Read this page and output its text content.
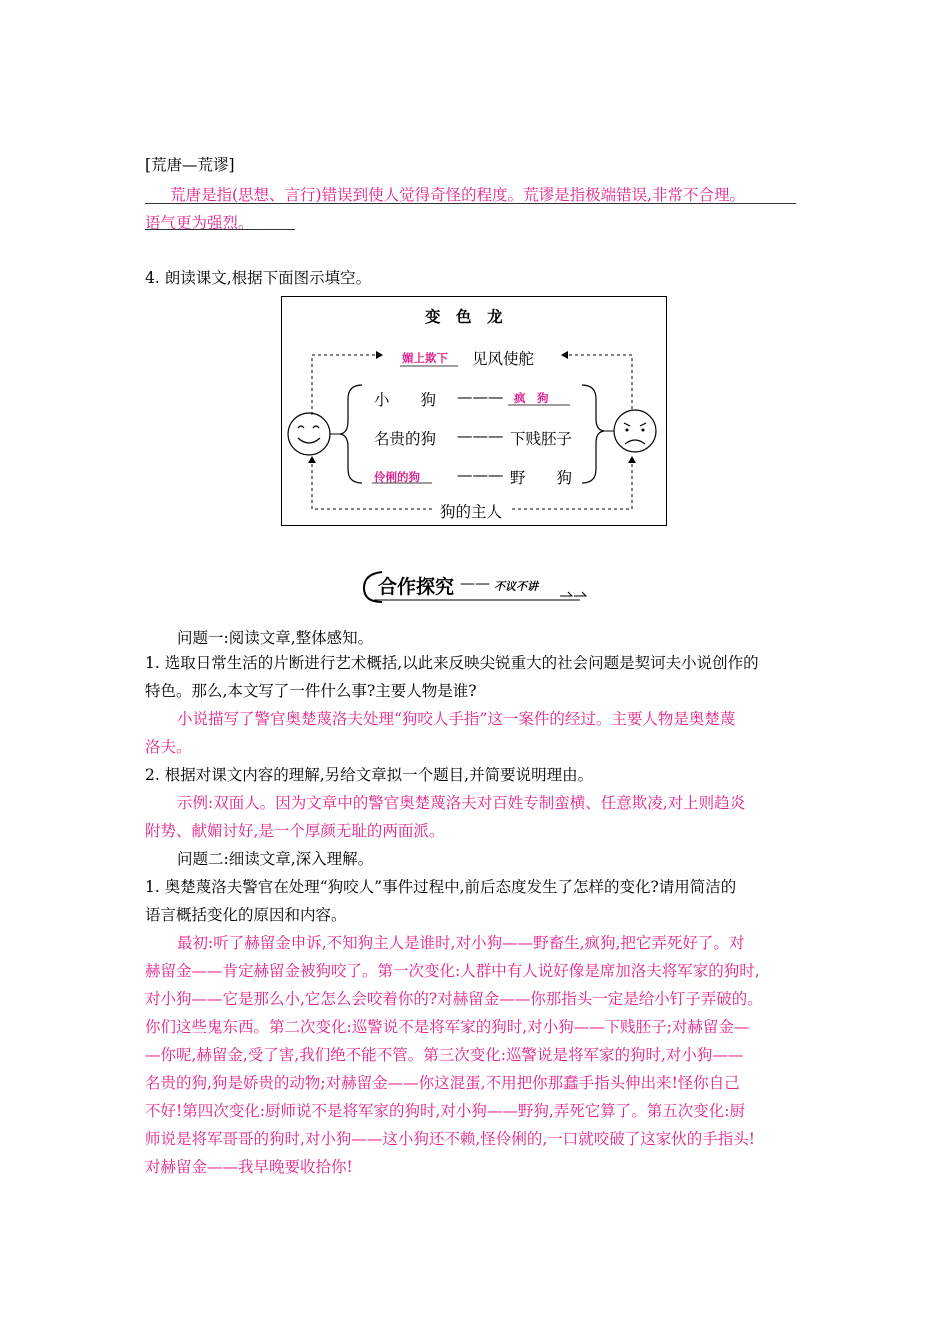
[荒唐—荒谬]
荒唐是指(思想、言行)错误到使人觉得奇怪的程度。荒谬是指极端错误,非常不合理。
语气更为强烈。
4. 朗读课文,根据下面图示填空。
变　色　龙
媚上欺下 见风使舵
小　　狗 ——— 疯　狗
名贵的狗 ——— 下贱胚子
伶俐的狗 ——— 野　　狗
狗的主人
合作探究 —— 不议不讲
问题一:阅读文章,整体感知。
1. 选取日常生活的片断进行艺术概括,以此来反映尖锐重大的社会问题是契诃夫小说创作的
特色。那么,本文写了一件什么事?主要人物是谁?
小说描写了警官奥楚蔑洛夫处理“狗咬人手指”这一案件的经过。主要人物是奥楚蔑
洛夫。
2. 根据对课文内容的理解,另给文章拟一个题目,并简要说明理由。
示例:双面人。因为文章中的警官奥楚蔑洛夫对百姓专制蛮横、任意欺凌,对上则趋炎
附势、献媚讨好,是一个厚颜无耻的两面派。
问题二:细读文章,深入理解。
1. 奥楚蔑洛夫警官在处理“狗咬人”事件过程中,前后态度发生了怎样的变化?请用简洁的
语言概括变化的原因和内容。
最初:听了赫留金申诉,不知狗主人是谁时,对小狗——野畜生,疯狗,把它弄死好了。对
赫留金——肯定赫留金被狗咬了。第一次变化:人群中有人说好像是席加洛夫将军家的狗时,
对小狗——它是那么小,它怎么会咬着你的?对赫留金——你那指头一定是给小钉子弄破的。
你们这些鬼东西。第二次变化:巡警说不是将军家的狗时,对小狗——下贱胚子;对赫留金—
—你呢,赫留金,受了害,我们绝不能不管。第三次变化:巡警说是将军家的狗时,对小狗——
名贵的狗,狗是娇贵的动物;对赫留金——你这混蛋,不用把你那蠢手指头伸出来!怪你自己
不好!第四次变化:厨师说不是将军家的狗时,对小狗——野狗,弄死它算了。第五次变化:厨
师说是将军哥哥的狗时,对小狗——这小狗还不赖,怪伶俐的,一口就咬破了这家伙的手指头!
对赫留金——我早晚要收拾你!
